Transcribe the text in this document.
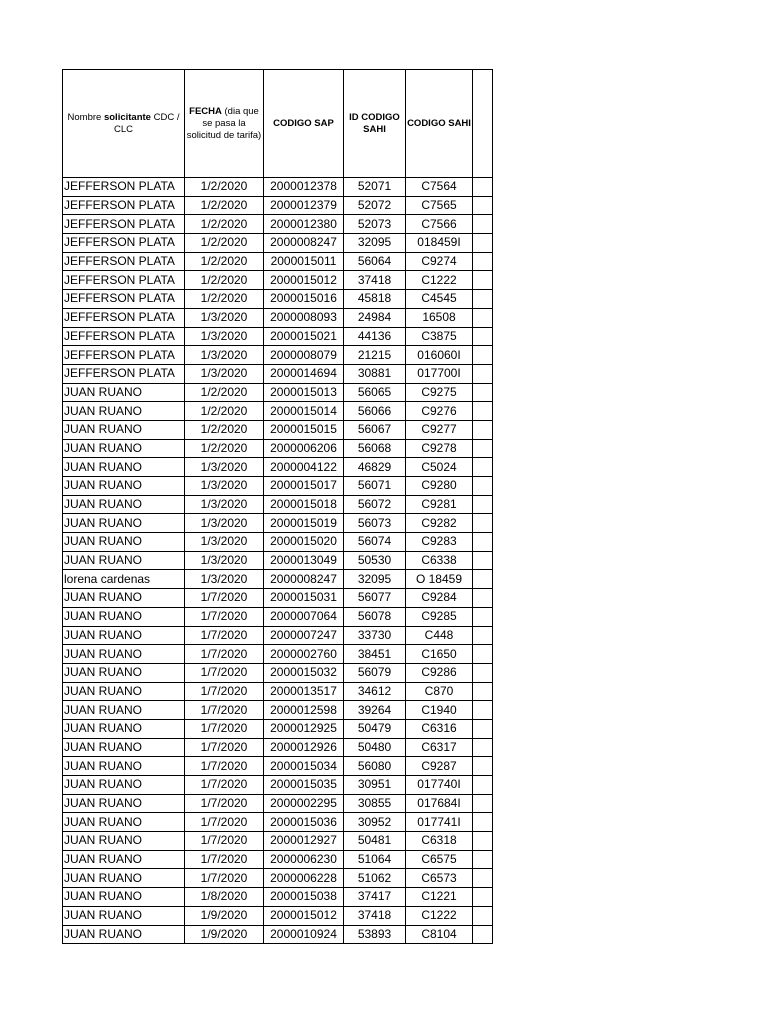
Nombre solicitante CDC / CLC	FECHA (dia que se pasa la solicitud de tarifa)	CODIGO SAP	ID CODIGO SAHI	CODIGO SAHI	
JEFFERSON PLATA	1/2/2020	2000012378	52071	C7564	
JEFFERSON PLATA	1/2/2020	2000012379	52072	C7565	
JEFFERSON PLATA	1/2/2020	2000012380	52073	C7566	
JEFFERSON PLATA	1/2/2020	2000008247	32095	018459I	
JEFFERSON PLATA	1/2/2020	2000015011	56064	C9274	
JEFFERSON PLATA	1/2/2020	2000015012	37418	C1222	
JEFFERSON PLATA	1/2/2020	2000015016	45818	C4545	
JEFFERSON PLATA	1/3/2020	2000008093	24984	16508	
JEFFERSON PLATA	1/3/2020	2000015021	44136	C3875	
JEFFERSON PLATA	1/3/2020	2000008079	21215	016060I	
JEFFERSON PLATA	1/3/2020	2000014694	30881	017700I	
JUAN RUANO	1/2/2020	2000015013	56065	C9275	
JUAN RUANO	1/2/2020	2000015014	56066	C9276	
JUAN RUANO	1/2/2020	2000015015	56067	C9277	
JUAN RUANO	1/2/2020	2000006206	56068	C9278	
JUAN RUANO	1/3/2020	2000004122	46829	C5024	
JUAN RUANO	1/3/2020	2000015017	56071	C9280	
JUAN RUANO	1/3/2020	2000015018	56072	C9281	
JUAN RUANO	1/3/2020	2000015019	56073	C9282	
JUAN RUANO	1/3/2020	2000015020	56074	C9283	
JUAN RUANO	1/3/2020	2000013049	50530	C6338	
lorena cardenas	1/3/2020	2000008247	32095	O 18459	
JUAN RUANO	1/7/2020	2000015031	56077	C9284	
JUAN RUANO	1/7/2020	2000007064	56078	C9285	
JUAN RUANO	1/7/2020	2000007247	33730	C448	
JUAN RUANO	1/7/2020	2000002760	38451	C1650	
JUAN RUANO	1/7/2020	2000015032	56079	C9286	
JUAN RUANO	1/7/2020	2000013517	34612	C870	
JUAN RUANO	1/7/2020	2000012598	39264	C1940	
JUAN RUANO	1/7/2020	2000012925	50479	C6316	
JUAN RUANO	1/7/2020	2000012926	50480	C6317	
JUAN RUANO	1/7/2020	2000015034	56080	C9287	
JUAN RUANO	1/7/2020	2000015035	30951	017740I	
JUAN RUANO	1/7/2020	2000002295	30855	017684I	
JUAN RUANO	1/7/2020	2000015036	30952	017741I	
JUAN RUANO	1/7/2020	2000012927	50481	C6318	
JUAN RUANO	1/7/2020	2000006230	51064	C6575	
JUAN RUANO	1/7/2020	2000006228	51062	C6573	
JUAN RUANO	1/8/2020	2000015038	37417	C1221	
JUAN RUANO	1/9/2020	2000015012	37418	C1222	
JUAN RUANO	1/9/2020	2000010924	53893	C8104	
